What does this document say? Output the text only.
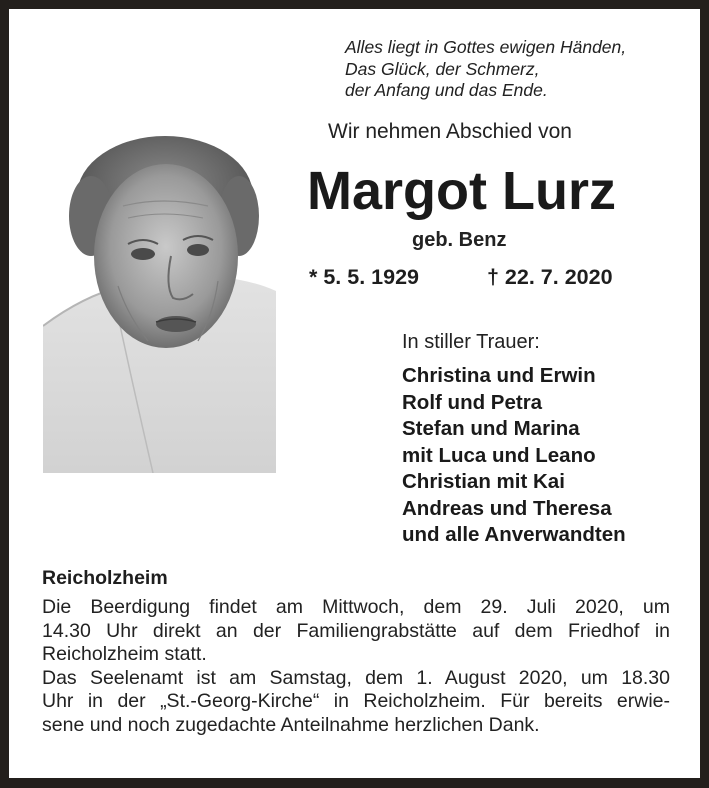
Alles liegt in Gottes ewigen Händen,
Das Glück, der Schmerz,
der Anfang und das Ende.
Wir nehmen Abschied von
Margot Lurz
geb. Benz
* 5. 5. 1929	† 22. 7. 2020
In stiller Trauer:
Christina und Erwin
Rolf und Petra
Stefan und Marina
mit Luca und Leano
Christian mit Kai
Andreas und Theresa
und alle Anverwandten
Reicholzheim
Die Beerdigung findet am Mittwoch, dem 29. Juli 2020, um
14.30 Uhr direkt an der Familiengrabstätte auf dem Friedhof in
Reicholzheim statt.
Das Seelenamt ist am Samstag, dem 1. August 2020, um 18.30
Uhr in der „St.-Georg-Kirche“ in Reicholzheim. Für bereits erwie-
sene und noch zugedachte Anteilnahme herzlichen Dank.
